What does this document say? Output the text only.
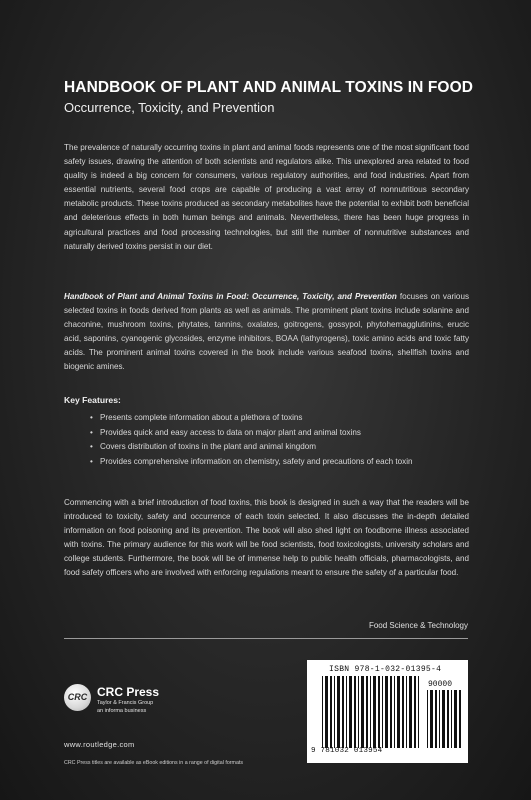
HANDBOOK OF PLANT AND ANIMAL TOXINS IN FOOD
Occurrence, Toxicity, and Prevention
The prevalence of naturally occurring toxins in plant and animal foods represents one of the most significant food safety issues, drawing the attention of both scientists and regulators alike. This unexplored area related to food quality is indeed a big concern for consumers, various regulatory authorities, and food industries. Apart from essential nutrients, several food crops are capable of producing a vast array of nonnutritious secondary metabolic products. These toxins produced as secondary metabolites have the potential to exhibit both beneficial and deleterious effects in both human beings and animals. Nevertheless, there has been huge progress in agricultural practices and food processing technologies, but still the number of nonnutritive substances and naturally derived toxins persist in our diet.
Handbook of Plant and Animal Toxins in Food: Occurrence, Toxicity, and Prevention focuses on various selected toxins in foods derived from plants as well as animals. The prominent plant toxins include solanine and chaconine, mushroom toxins, phytates, tannins, oxalates, goitrogens, gossypol, phytohemagglutinins, erucic acid, saponins, cyanogenic glycosides, enzyme inhibitors, BOAA (lathyrogens), toxic amino acids and toxic fatty acids. The prominent animal toxins covered in the book include various seafood toxins, shellfish toxins and biogenic amines.
Key Features:
• Presents complete information about a plethora of toxins
• Provides quick and easy access to data on major plant and animal toxins
• Covers distribution of toxins in the plant and animal kingdom
• Provides comprehensive information on chemistry, safety and precautions of each toxin
Commencing with a brief introduction of food toxins, this book is designed in such a way that the readers will be introduced to toxicity, safety and occurrence of each toxin selected. It also discusses the in-depth detailed information on food poisoning and its prevention. The book will also shed light on foodborne illness associated with toxins. The primary audience for this work will be food scientists, food toxicologists, university scholars and college students. Furthermore, the book will be of immense help to public health officials, pharmacologists, and food safety officers who are involved with enforcing regulations meant to ensure the safety of a particular food.
Food Science & Technology
CRC CRC Press
Taylor & Francis Group
an informa business
www.routledge.com
CRC Press titles are available as eBook editions in a range of digital formats
ISBN 978-1-032-01395-4
90000
9 781032 013954
